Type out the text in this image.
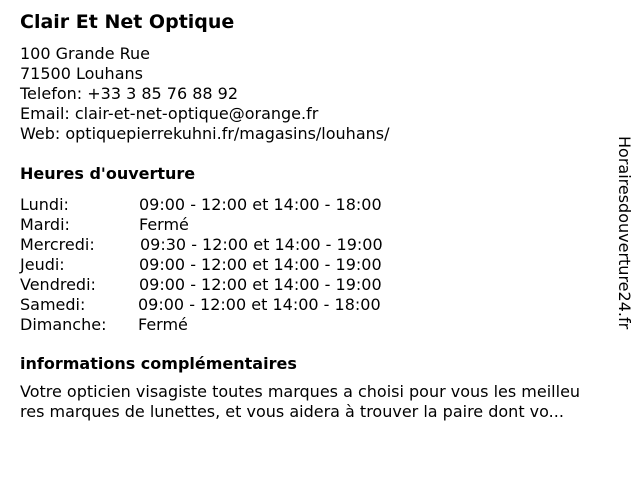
Clair Et Net Optique
100 Grande Rue
71500 Louhans
Telefon: +33 3 85 76 88 92
Email: clair-et-net-optique@orange.fr
Web: optiquepierrekuhni.fr/magasins/louhans/
Heures d'ouverture
Lundi:	09:00 - 12:00 et 14:00 - 18:00
Mardi:	Fermé
Mercredi:	09:30 - 12:00 et 14:00 - 19:00
Jeudi:	09:00 - 12:00 et 14:00 - 19:00
Vendredi:	09:00 - 12:00 et 14:00 - 19:00
Samedi:	09:00 - 12:00 et 14:00 - 18:00
Dimanche: Fermé
informations complémentaires
Votre opticien visagiste toutes marques a choisi pour vous les meilleu
res marques de lunettes, et vous aidera à trouver la paire dont vo...
Horairesdouverture24.fr
